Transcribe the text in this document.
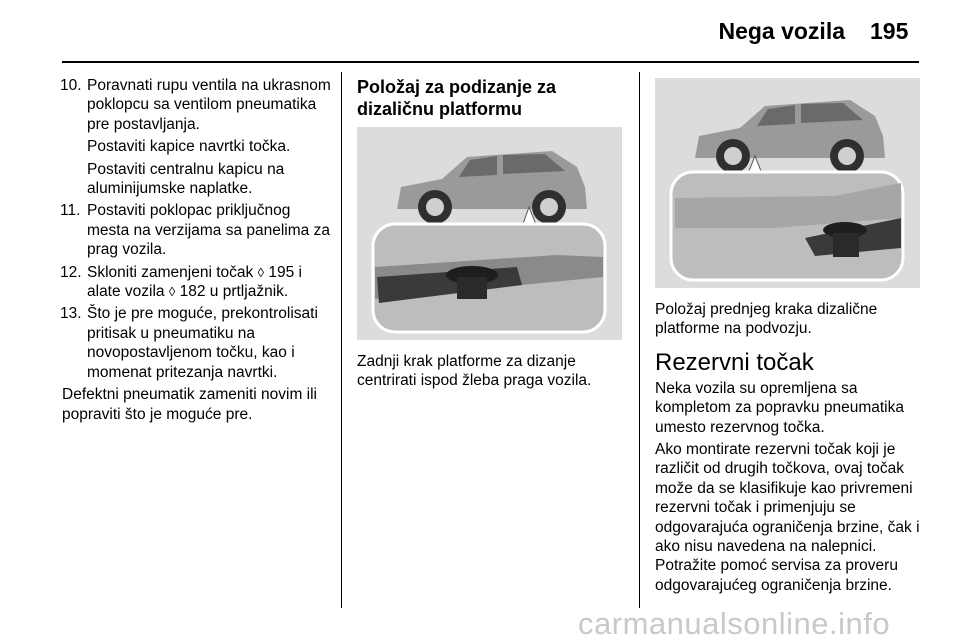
Nega vozila 195
10. Poravnati rupu ventila na ukrasnom poklopcu sa ventilom pneumatika pre postavljanja.
Postaviti kapice navrtki točka.
Postaviti centralnu kapicu na aluminijumske naplatke.
11. Postaviti poklopac priključnog mesta na verzijama sa panelima za prag vozila.
12. Skloniti zamenjeni točak ◊ 195 i alate vozila ◊ 182 u prtljažnik.
13. Što je pre moguće, prekontrolisati pritisak u pneumatiku na novopostavljenom točku, kao i momenat pritezanja navrtki.
Defektni pneumatik zameniti novim ili popraviti što je moguće pre.
Položaj za podizanje za dizaličnu platformu
Zadnji krak platforme za dizanje centrirati ispod žleba praga vozila.
Položaj prednjeg kraka dizalične platforme na podvozju.
Rezervni točak
Neka vozila su opremljena sa kompletom za popravku pneumatika umesto rezervnog točka.
Ako montirate rezervni točak koji je različit od drugih točkova, ovaj točak može da se klasifikuje kao privremeni rezervni točak i primenjuju se odgovarajuća ograničenja brzine, čak i ako nisu navedena na nalepnici. Potražite pomoć servisa za proveru odgovarajućeg ograničenja brzine.
carmanualsonline.info
